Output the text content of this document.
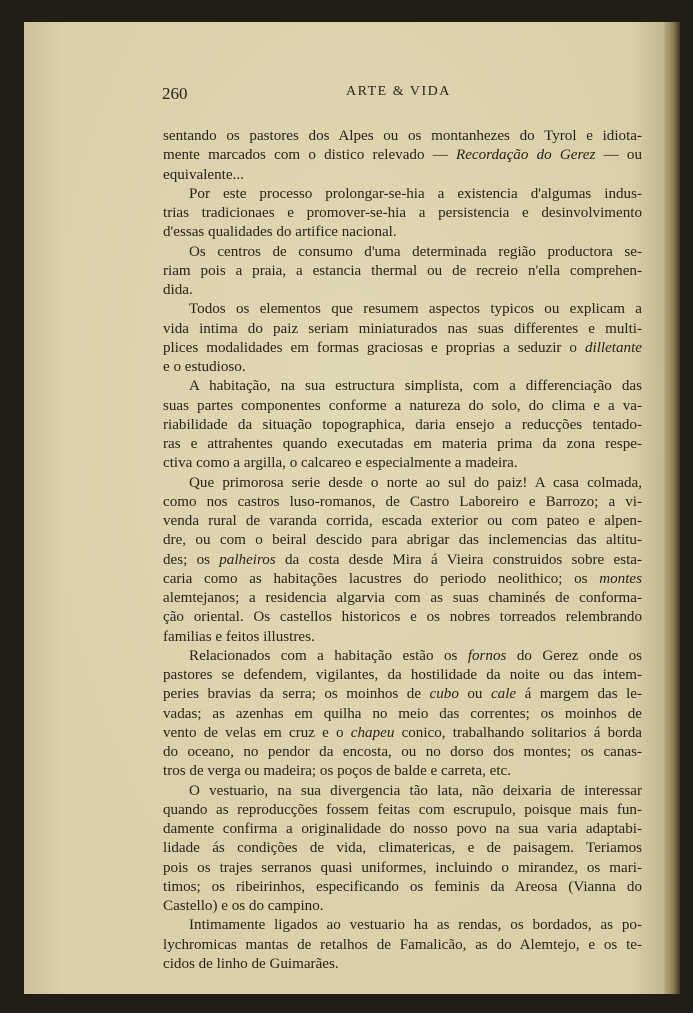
260	ARTE & VIDA
sentando os pastores dos Alpes ou os montanhezes do Tyrol e idiota-
mente marcados com o distico relevado — Recordação do Gerez — ou
equivalente...
Por este processo prolongar-se-hia a existencia d'algumas indus-
trias tradicionaes e promover-se-hia a persistencia e desinvolvimento
d'essas qualidades do artifice nacional.
Os centros de consumo d'uma determinada região productora se-
riam pois a praia, a estancia thermal ou de recreio n'ella comprehen-
dida.
Todos os elementos que resumem aspectos typicos ou explicam a
vida intima do paiz seriam miniaturados nas suas differentes e multi-
plices modalidades em formas graciosas e proprias a seduzir o dilletante
e o estudioso.
A habitação, na sua estructura simplista, com a differenciação das
suas partes componentes conforme a natureza do solo, do clima e a va-
riabilidade da situação topographica, daria ensejo a reducções tentado-
ras e attrahentes quando executadas em materia prima da zona respe-
ctiva como a argilla, o calcareo e especialmente a madeira.
Que primorosa serie desde o norte ao sul do paiz! A casa colmada,
como nos castros luso-romanos, de Castro Laboreiro e Barrozo; a vi-
venda rural de varanda corrida, escada exterior ou com pateo e alpen-
dre, ou com o beiral descido para abrigar das inclemencias das altitu-
des; os palheiros da costa desde Mira á Vieira construidos sobre esta-
caria como as habitações lacustres do periodo neolithico; os montes
alemtejanos; a residencia algarvia com as suas chaminés de conforma-
ção oriental. Os castellos historicos e os nobres torreados relembrando
familias e feitos illustres.
Relacionados com a habitação estão os fornos do Gerez onde os
pastores se defendem, vigilantes, da hostilidade da noite ou das intem-
peries bravias da serra; os moinhos de cubo ou cale á margem das le-
vadas; as azenhas em quilha no meio das correntes; os moinhos de
vento de velas em cruz e o chapeu conico, trabalhando solitarios á borda
do oceano, no pendor da encosta, ou no dorso dos montes; os canas-
tros de verga ou madeira; os poços de balde e carreta, etc.
O vestuario, na sua divergencia tão lata, não deixaria de interessar
quando as reproducções fossem feitas com escrupulo, poisque mais fun-
damente confirma a originalidade do nosso povo na sua varia adaptabi-
lidade ás condições de vida, climatericas, e de paisagem. Teriamos
pois os trajes serranos quasi uniformes, incluindo o mirandez, os mari-
timos; os ribeirinhos, especificando os feminis da Areosa (Vianna do
Castello) e os do campino.
Intimamente ligados ao vestuario ha as rendas, os bordados, as po-
lychromicas mantas de retalhos de Famalicão, as do Alemtejo, e os te-
cidos de linho de Guimarães.
